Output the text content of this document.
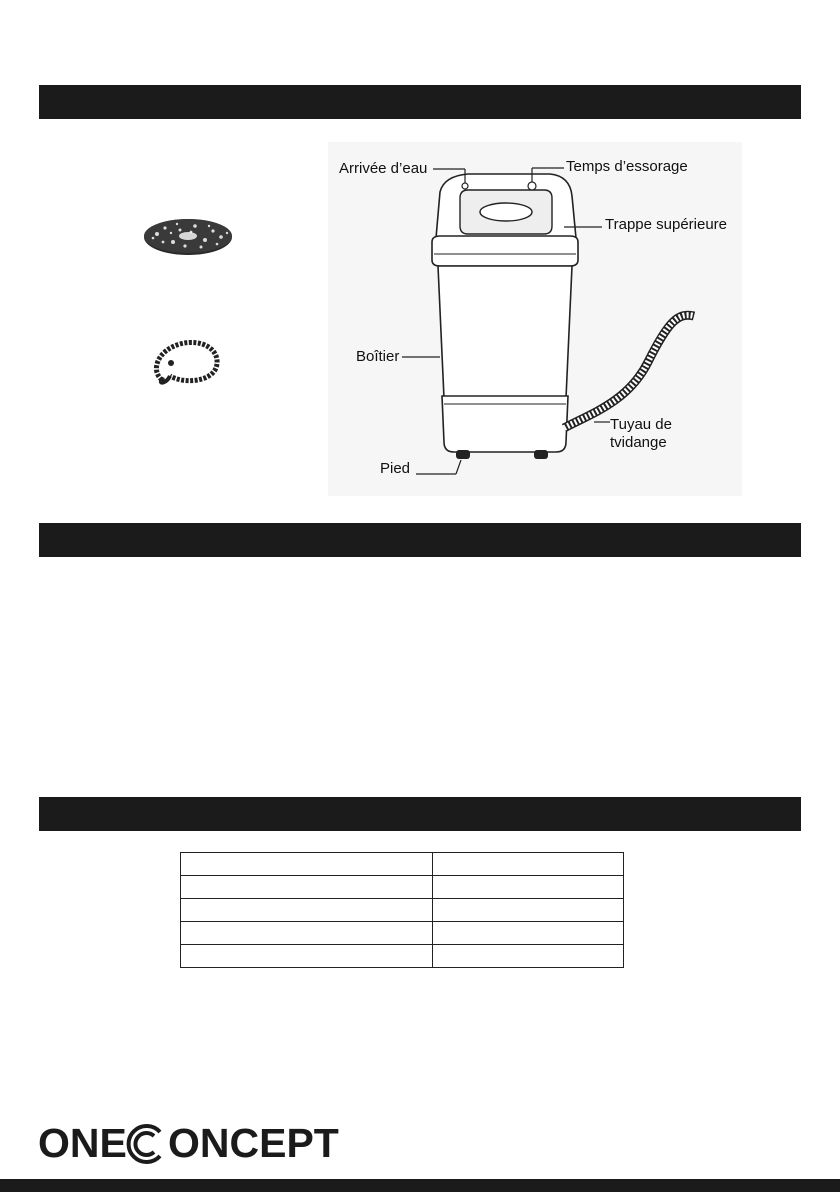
Arrivée d’eau	Temps d’essorage
Trappe supérieure
Boîtier
Pied
Tuyau de tvidange

ONE ONCEPT
